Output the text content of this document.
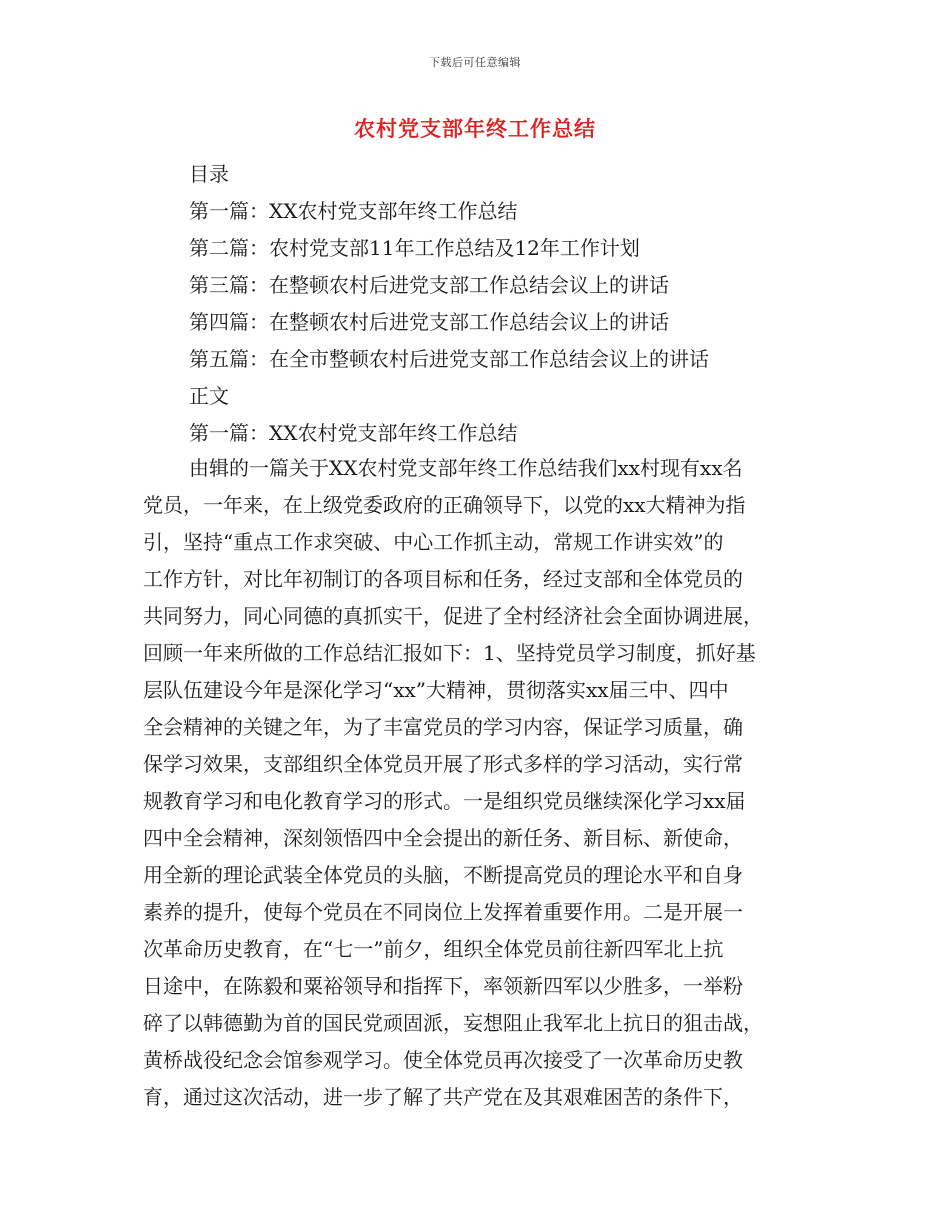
下载后可任意编辑
农村党支部年终工作总结
目录
第一篇：XX农村党支部年终工作总结
第二篇：农村党支部11年工作总结及12年工作计划
第三篇：在整顿农村后进党支部工作总结会议上的讲话
第四篇：在整顿农村后进党支部工作总结会议上的讲话
第五篇：在全市整顿农村后进党支部工作总结会议上的讲话
正文
第一篇：XX农村党支部年终工作总结
由辑的一篇关于XX农村党支部年终工作总结我们xx村现有xx名
党员，一年来，在上级党委政府的正确领导下，以党的xx大精神为指
引，坚持“重点工作求突破、中心工作抓主动，常规工作讲实效”的
工作方针，对比年初制订的各项目标和任务，经过支部和全体党员的
共同努力，同心同德的真抓实干，促进了全村经济社会全面协调进展，
回顾一年来所做的工作总结汇报如下：1、坚持党员学习制度，抓好基
层队伍建设今年是深化学习“xx”大精神，贯彻落实xx届三中、四中
全会精神的关键之年，为了丰富党员的学习内容，保证学习质量，确
保学习效果，支部组织全体党员开展了形式多样的学习活动，实行常
规教育学习和电化教育学习的形式。一是组织党员继续深化学习xx届
四中全会精神，深刻领悟四中全会提出的新任务、新目标、新使命，
用全新的理论武装全体党员的头脑，不断提高党员的理论水平和自身
素养的提升，使每个党员在不同岗位上发挥着重要作用。二是开展一
次革命历史教育，在“七一”前夕，组织全体党员前往新四军北上抗
日途中，在陈毅和粟裕领导和指挥下，率领新四军以少胜多，一举粉
碎了以韩德勤为首的国民党顽固派，妄想阻止我军北上抗日的狙击战，
黄桥战役纪念会馆参观学习。使全体党员再次接受了一次革命历史教
育，通过这次活动，进一步了解了共产党在及其艰难困苦的条件下，
